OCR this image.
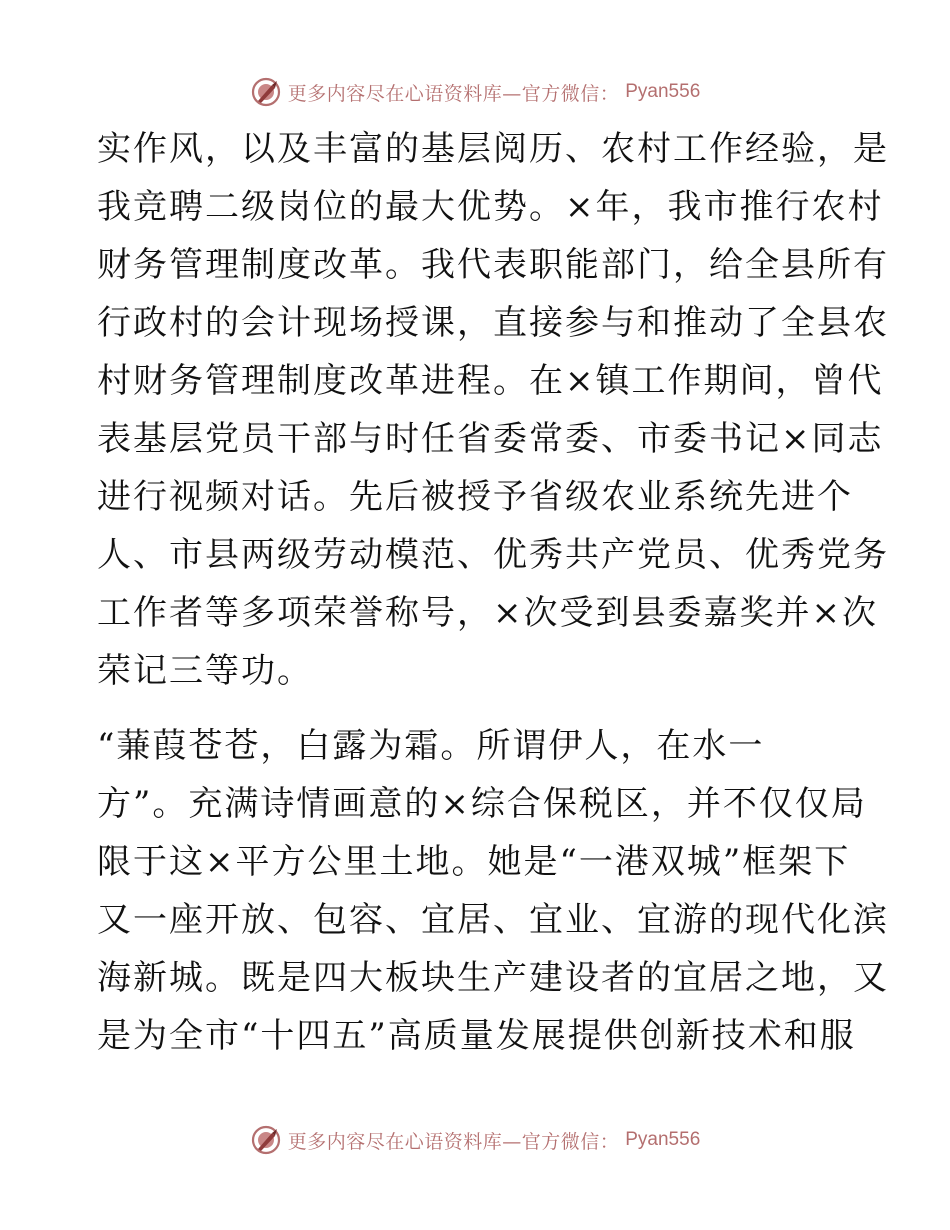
更多内容尽在心语资料库—官方微信： Pyan556
实作风，以及丰富的基层阅历、农村工作经验，是
我竞聘二级岗位的最大优势。×年，我市推行农村
财务管理制度改革。我代表职能部门，给全县所有
行政村的会计现场授课，直接参与和推动了全县农
村财务管理制度改革进程。在×镇工作期间，曾代
表基层党员干部与时任省委常委、市委书记×同志
进行视频对话。先后被授予省级农业系统先进个
人、市县两级劳动模范、优秀共产党员、优秀党务
工作者等多项荣誉称号，×次受到县委嘉奖并×次
荣记三等功。
“蒹葭苍苍，白露为霜。所谓伊人，在水一
方”。充满诗情画意的×综合保税区，并不仅仅局
限于这×平方公里土地。她是“一港双城”框架下
又一座开放、包容、宜居、宜业、宜游的现代化滨
海新城。既是四大板块生产建设者的宜居之地，又
是为全市“十四五”高质量发展提供创新技术和服
更多内容尽在心语资料库—官方微信： Pyan556
